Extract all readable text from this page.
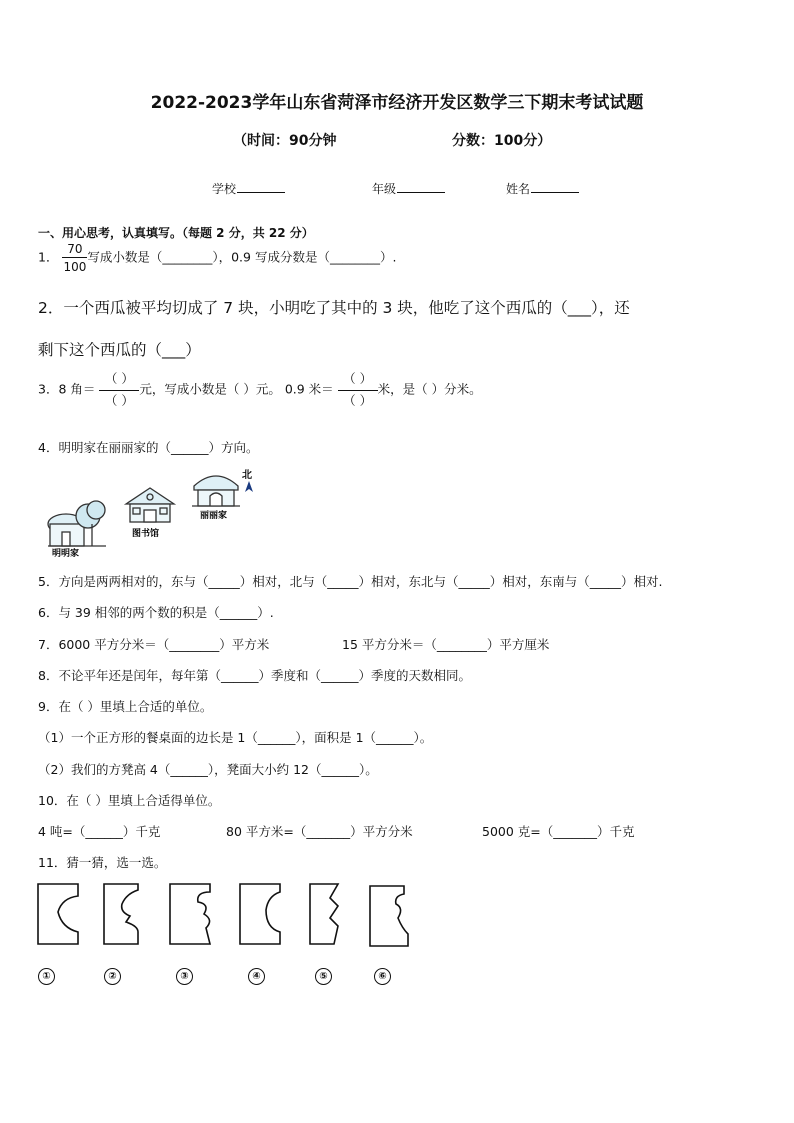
2022-2023学年山东省菏泽市经济开发区数学三下期末考试试题
（时间：90分钟	分数：100分）
学校	年级	姓名
一、用心思考，认真填写。（每题 2 分，共 22 分）
1． $\frac{70}{100}$ 写成小数是（________），0.9 写成分数是（________）.
2．一个西瓜被平均切成了 7 块，小明吃了其中的 3 块，他吃了这个西瓜的（___），还
剩下这个西瓜的（___）
3．8 角＝ $\frac{( )}{( )}$ 元，写成小数是（ ）元。 0.9 米＝ $\frac{( )}{( )}$ 米，是（ ）分米。
4．明明家在丽丽家的（______）方向。
明明家
图书馆
丽丽家
北
5．方向是两两相对的，东与（_____）相对，北与（_____）相对，东北与（_____）相对，东南与（_____）相对.
6．与 39 相邻的两个数的积是（______）.
7．6000 平方分米＝（________）平方米	15 平方分米＝（________）平方厘米
8．不论平年还是闰年，每年第（______）季度和（______）季度的天数相同。
9．在（ ）里填上合适的单位。
（1）一个正方形的餐桌面的边长是 1（______），面积是 1（______）。
（2）我们的方凳高 4（______），凳面大小约 12（______）。
10．在（ ）里填上合适得单位。
4 吨=（______）千克	80 平方米=（_______）平方分米	5000 克=（_______）千克
11．猜一猜，选一选。
①	②	③	④	⑤	⑥
